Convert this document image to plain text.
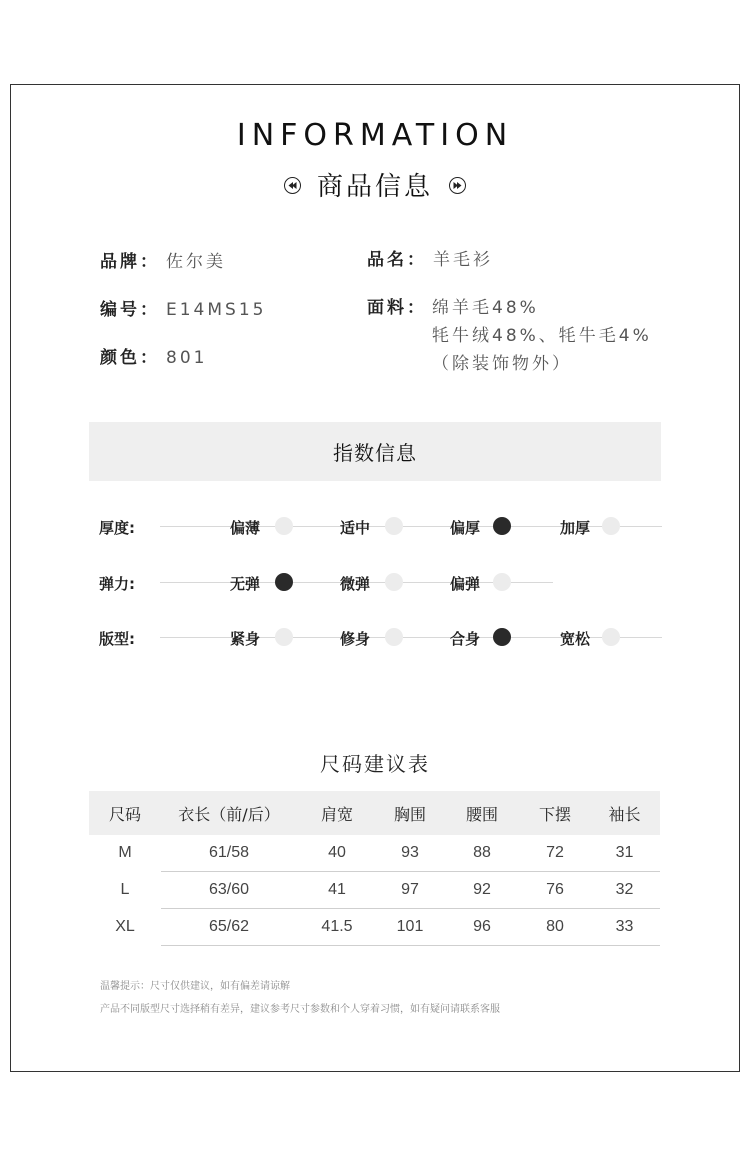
INFORMATION
商品信息
品牌： 佐尔美	品名： 羊毛衫
编号： E14MS15	面料： 绵羊毛48%
牦牛绒48%、牦牛毛4%
（除装饰物外）
颜色： 801
指数信息
厚度:	偏薄	适中	偏厚	加厚
弹力:	无弹	微弹	偏弹
版型:	紧身	修身	合身	宽松
尺码建议表
尺码	衣长（前/后）	肩宽	胸围	腰围	下摆	袖长
M	61/58	40	93	88	72	31
L	63/60	41	97	92	76	32
XL	65/62	41.5	101	96	80	33
温馨提示：尺寸仅供建议，如有偏差请谅解
产品不同版型尺寸选择稍有差异，建议参考尺寸参数和个人穿着习惯，如有疑问请联系客服
